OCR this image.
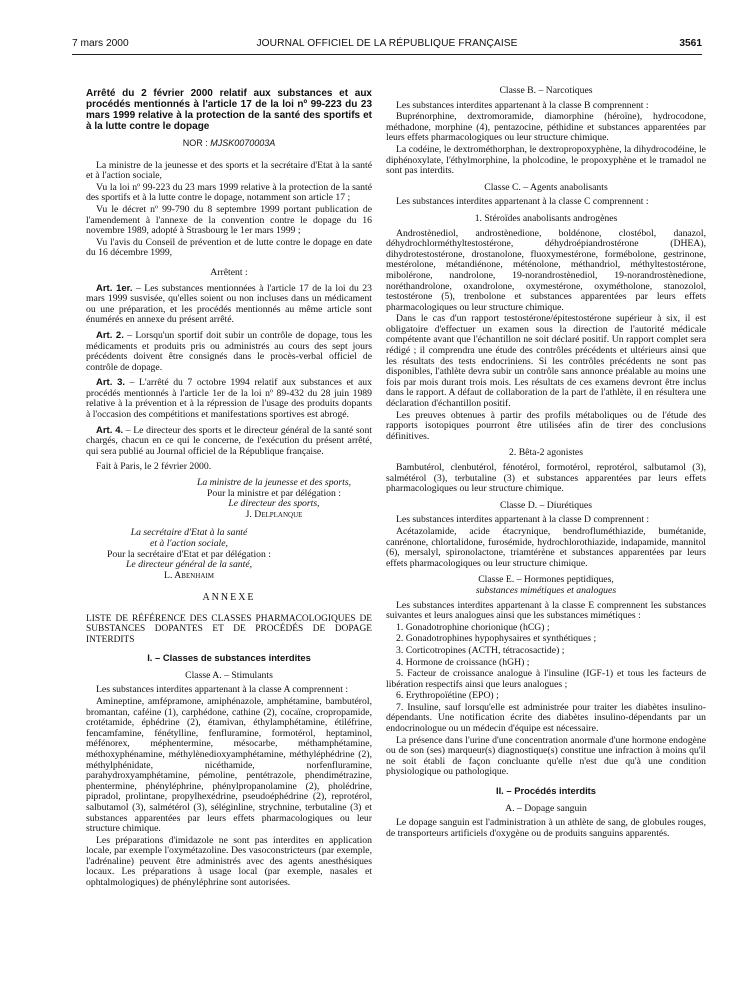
7 mars 2000	JOURNAL OFFICIEL DE LA RÉPUBLIQUE FRANÇAISE	3561

Arrêté du 2 février 2000 relatif aux substances et aux procédés mentionnés à l'article 17 de la loi nº 99-223 du 23 mars 1999 relative à la protection de la santé des sportifs et à la lutte contre le dopage

NOR : MJSK0070003A

La ministre de la jeunesse et des sports et la secrétaire d'Etat à la santé et à l'action sociale,

Vu la loi nº 99-223 du 23 mars 1999 relative à la protection de la santé des sportifs et à la lutte contre le dopage, notamment son article 17 ;

Vu le décret nº 99-790 du 8 septembre 1999 portant publication de l'amendement à l'annexe de la convention contre le dopage du 16 novembre 1989, adopté à Strasbourg le 1er mars 1999 ;

Vu l'avis du Conseil de prévention et de lutte contre le dopage en date du 16 décembre 1999,

Arrêtent :

Art. 1er. – Les substances mentionnées à l'article 17 de la loi du 23 mars 1999 susvisée, qu'elles soient ou non incluses dans un médicament ou une préparation, et les procédés mentionnés au même article sont énumérés en annexe du présent arrêté.

Art. 2. – Lorsqu'un sportif doit subir un contrôle de dopage, tous les médicaments et produits pris ou administrés au cours des sept jours précédents doivent être consignés dans le procès-verbal officiel de contrôle de dopage.

Art. 3. – L'arrêté du 7 octobre 1994 relatif aux substances et aux procédés mentionnés à l'article 1er de la loi nº 89-432 du 28 juin 1989 relative à la prévention et à la répression de l'usage des produits dopants à l'occasion des compétitions et manifestations sportives est abrogé.

Art. 4. – Le directeur des sports et le directeur général de la santé sont chargés, chacun en ce qui le concerne, de l'exécution du présent arrêté, qui sera publié au Journal officiel de la République française.

Fait à Paris, le 2 février 2000.

La ministre de la jeunesse et des sports,

Pour la ministre et par délégation :

Le directeur des sports,

J. Delplanque

La secrétaire d'Etat à la santé

et à l'action sociale,

Pour la secrétaire d'Etat et par délégation :

Le directeur général de la santé,

L. Abenhaim

ANNEXE

LISTE DE RÉFÉRENCE DES CLASSES PHARMACOLOGIQUES DE SUBSTANCES DOPANTES ET DE PROCÉDÉS DE DOPAGE INTERDITS

I. – Classes de substances interdites

Classe A. – Stimulants

Les substances interdites appartenant à la classe A comprennent :

Amineptine, amfépramone, amiphénazole, amphétamine, bambutérol, bromantan, caféine (1), carphédone, cathine (2), cocaïne, cropropamide, crotétamide, éphédrine (2), étamivan, éthylamphétamine, étiléfrine, fencamfamine, fénétylline, fenfluramine, formotérol, heptaminol, méfénorex, méphentermine, mésocarbe, méthamphétamine, méthoxyphénamine, méthylènedioxyamphétamine, méthyléphédrine (2), méthylphénidate, nicéthamide, norfenfluramine, parahydroxyamphétamine, pémoline, pentétrazole, phendimétrazine, phentermine, phényléphrine, phénylpropanolamine (2), pholédrine, pipradol, prolintane, propylhexédrine, pseudoéphédrine (2), reprotérol, salbutamol (3), salmétérol (3), séléginline, strychnine, terbutaline (3) et substances apparentées par leurs effets pharmacologiques ou leur structure chimique.

Les préparations d'imidazole ne sont pas interdites en application locale, par exemple l'oxymétazoline. Des vasoconstricteurs (par exemple, l'adrénaline) peuvent être administrés avec des agents anesthésiques locaux. Les préparations à usage local (par exemple, nasales et ophtalmologiques) de phényléphrine sont autorisées.

Classe B. – Narcotiques

Les substances interdites appartenant à la classe B comprennent :

Buprénorphine, dextromoramide, diamorphine (héroïne), hydrocodone, méthadone, morphine (4), pentazocine, péthidine et substances apparentées par leurs effets pharmacologiques ou leur structure chimique.

La codéine, le dextrométhorphan, le dextropropoxyphène, la dihydrocodéine, le diphénoxylate, l'éthylmorphine, la pholcodine, le propoxyphène et le tramadol ne sont pas interdits.

Classe C. – Agents anabolisants

Les substances interdites appartenant à la classe C comprennent :

1. Stéroïdes anabolisants androgènes

Androstènediol, androstènedione, boldénone, clostébol, danazol, déhydrochlorméthyltestostérone, déhydroépiandrostérone (DHEA), dihydrotestostérone, drostanolone, fluoxymestérone, formébolone, gestrinone, mestérolone, métandiénone, méténolone, méthandriol, méthyltestostérone, mibolérone, nandrolone, 19-norandrostènediol, 19-norandrostènedione, noréthandrolone, oxandrolone, oxymestérone, oxymétholone, stanozolol, testostérone (5), trenbolone et substances apparentées par leurs effets pharmacologiques ou leur structure chimique.

Dans le cas d'un rapport testostérone/épitestostérone supérieur à six, il est obligatoire d'effectuer un examen sous la direction de l'autorité médicale compétente avant que l'échantillon ne soit déclaré positif. Un rapport complet sera rédigé ; il comprendra une étude des contrôles précédents et ultérieurs ainsi que les résultats des tests endocriniens. Si les contrôles précédents ne sont pas disponibles, l'athlète devra subir un contrôle sans annonce préalable au moins une fois par mois durant trois mois. Les résultats de ces examens devront être inclus dans le rapport. A défaut de collaboration de la part de l'athlète, il en résultera une déclaration d'échantillon positif.

Les preuves obtenues à partir des profils métaboliques ou de l'étude des rapports isotopiques pourront être utilisées afin de tirer des conclusions définitives.

2. Bêta-2 agonistes

Bambutérol, clenbutérol, fénotérol, formotérol, reprotérol, salbutamol (3), salmétérol (3), terbutaline (3) et substances apparentées par leurs effets pharmacologiques ou leur structure chimique.

Classe D. – Diurétiques

Les substances interdites appartenant à la classe D comprennent :

Acétazolamide, acide étacrynique, bendrofluméthiazide, bumétanide, canrénone, chlortalidone, furosémide, hydrochlorothiazide, indapamide, mannitol (6), mersalyl, spironolactone, triamtérène et substances apparentées par leurs effets pharmacologiques ou leur structure chimique.

Classe E. – Hormones peptidiques,

substances mimétiques et analogues

Les substances interdites appartenant à la classe E comprennent les substances suivantes et leurs analogues ainsi que les substances mimétiques :

1. Gonadotrophine chorionique (hCG) ;

2. Gonadotrophines hypophysaires et synthétiques ;

3. Corticotropines (ACTH, tétracosactide) ;

4. Hormone de croissance (hGH) ;

5. Facteur de croissance analogue à l'insuline (IGF-1) et tous les facteurs de libération respectifs ainsi que leurs analogues ;

6. Erythropoïétine (EPO) ;

7. Insuline, sauf lorsqu'elle est administrée pour traiter les diabètes insulino-dépendants. Une notification écrite des diabètes insulino-dépendants par un endocrinologue ou un médecin d'équipe est nécessaire.

La présence dans l'urine d'une concentration anormale d'une hormone endogène ou de son (ses) marqueur(s) diagnostique(s) constitue une infraction à moins qu'il ne soit établi de façon concluante qu'elle n'est due qu'à une condition physiologique ou pathologique.

II. – Procédés interdits

A. – Dopage sanguin

Le dopage sanguin est l'administration à un athlète de sang, de globules rouges, de transporteurs artificiels d'oxygène ou de produits sanguins apparentés.
